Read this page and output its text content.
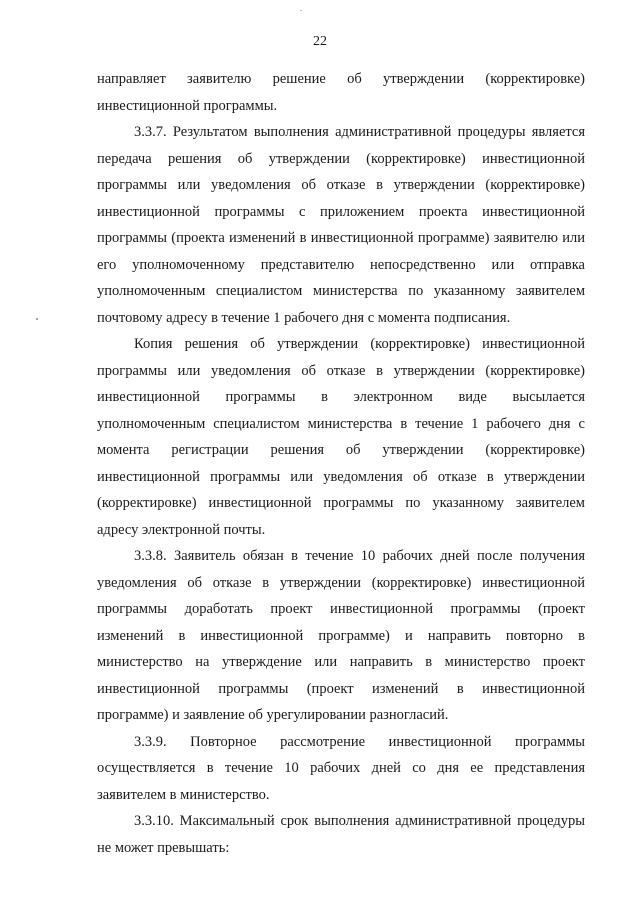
22

направляет заявителю решение об утверждении (корректировке) инвестиционной программы.

3.3.7. Результатом выполнения административной процедуры является передача решения об утверждении (корректировке) инвестиционной программы или уведомления об отказе в утверждении (корректировке) инвестиционной программы с приложением проекта инвестиционной программы (проекта изменений в инвестиционной программе) заявителю или его уполномоченному представителю непосредственно или отправка уполномоченным специалистом министерства по указанному заявителем почтовому адресу в течение 1 рабочего дня с момента подписания.

Копия решения об утверждении (корректировке) инвестиционной программы или уведомления об отказе в утверждении (корректировке) инвестиционной программы в электронном виде высылается уполномоченным специалистом министерства в течение 1 рабочего дня с момента регистрации решения об утверждении (корректировке) инвестиционной программы или уведомления об отказе в утверждении (корректировке) инвестиционной программы по указанному заявителем адресу электронной почты.

3.3.8. Заявитель обязан в течение 10 рабочих дней после получения уведомления об отказе в утверждении (корректировке) инвестиционной программы доработать проект инвестиционной программы (проект изменений в инвестиционной программе) и направить повторно в министерство на утверждение или направить в министерство проект инвестиционной программы (проект изменений в инвестиционной программе) и заявление об урегулировании разногласий.

3.3.9. Повторное рассмотрение инвестиционной программы осуществляется в течение 10 рабочих дней со дня ее представления заявителем в министерство.

3.3.10. Максимальный срок выполнения административной процедуры не может превышать:
